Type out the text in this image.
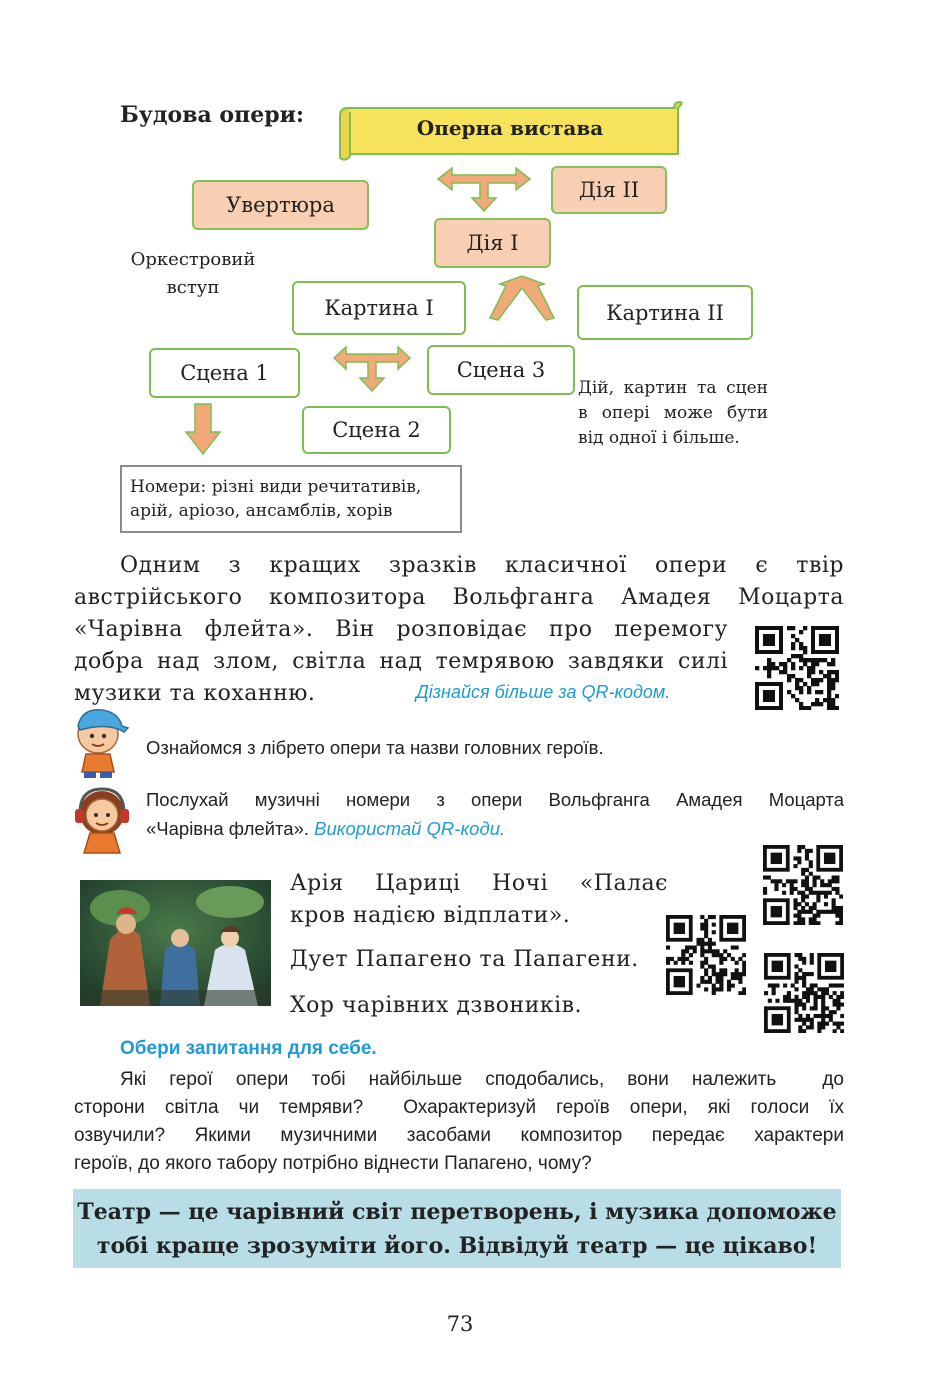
Будова опери:	Оперна вистава
Увертюра
Дія ІІ
Дія І
Картина І	Картина ІІ
Сцена 1	Сцена 3
Сцена 2
Оркестровий вступ
Номери: різні види речитативів, арій, аріозо, ансамблів, хорів
Дій, картин та сцен в опері може бути від одної і більше.
Одним з кращих зразків класичної опери є твір
австрійського композитора Вольфганга Амадея Моцарта
«Чарівна флейта». Він розповідає про перемогу
добра над злом, світла над темрявою завдяки силі
музики та коханню.	Дізнайся більше за QR-кодом.
Ознайомся з лібрето опери та назви головних героїв.
Послухай музичні номери з опери Вольфганга Амадея Моцарта
«Чарівна флейта». Використай QR-коди.
Арія Цариці Ночі «Палає
кров надією відплати».
Дует Папагено та Папагени.
Хор чарівних дзвоників.
Обери запитання для себе.
Які герої опери тобі найбільше сподобались, вони належить  до
сторони світла чи темряви?  Охарактеризуй героїв опери, які голоси їх
озвучили? Якими музичними засобами композитор передає характери
героїв, до якого табору потрібно віднести Папагено, чому?
Театр — це чарівний світ перетворень, і музика допоможе
тобі краще зрозуміти його. Відвідуй театр — це цікаво!
73
